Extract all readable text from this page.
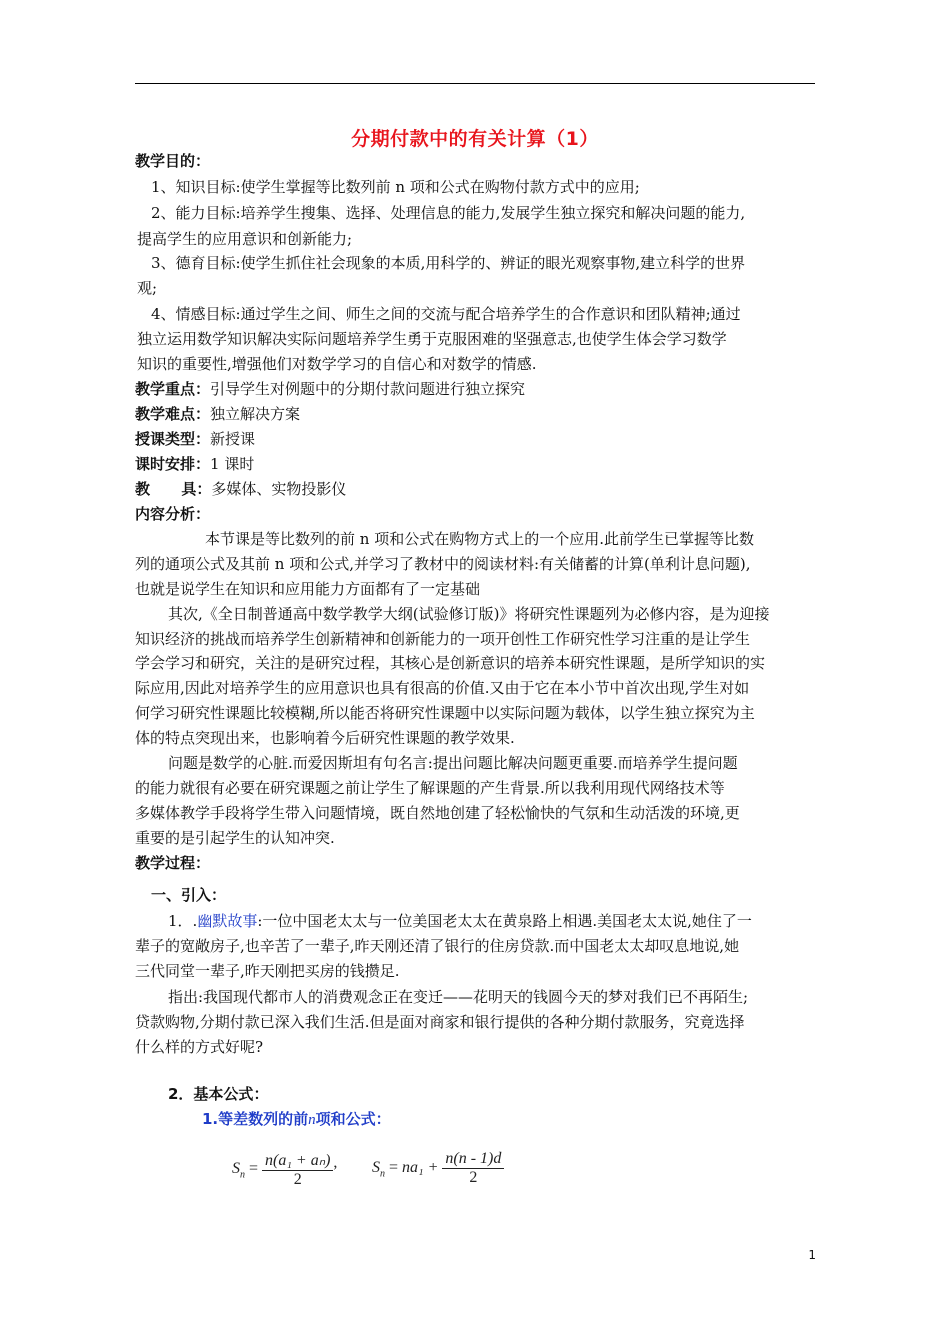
分期付款中的有关计算（1）
教学目的：
1、知识目标:使学生掌握等比数列前 n 项和公式在购物付款方式中的应用;
2、能力目标:培养学生搜集、选择、处理信息的能力,发展学生独立探究和解决问题的能力,
提高学生的应用意识和创新能力;
3、德育目标:使学生抓住社会现象的本质,用科学的、辨证的眼光观察事物,建立科学的世界
观;
4、情感目标:通过学生之间、师生之间的交流与配合培养学生的合作意识和团队精神;通过
独立运用数学知识解决实际问题培养学生勇于克服困难的坚强意志,也使学生体会学习数学
知识的重要性,增强他们对数学学习的自信心和对数学的情感.
教学重点：引导学生对例题中的分期付款问题进行独立探究
教学难点：独立解决方案
授课类型：新授课
课时安排：1 课时
教      具：多媒体、实物投影仪
内容分析：
本节课是等比数列的前 n 项和公式在购物方式上的一个应用.此前学生已掌握等比数
列的通项公式及其前 n 项和公式,并学习了教材中的阅读材料:有关储蓄的计算(单利计息问题),
也就是说学生在知识和应用能力方面都有了一定基础
其次,《全日制普通高中数学教学大纲(试验修订版)》将研究性课题列为必修内容，是为迎接
知识经济的挑战而培养学生创新精神和创新能力的一项开创性工作研究性学习注重的是让学生
学会学习和研究，关注的是研究过程，其核心是创新意识的培养本研究性课题，是所学知识的实
际应用,因此对培养学生的应用意识也具有很高的价值.又由于它在本小节中首次出现,学生对如
何学习研究性课题比较模糊,所以能否将研究性课题中以实际问题为载体，以学生独立探究为主
体的特点突现出来，也影响着今后研究性课题的教学效果.
问题是数学的心脏.而爱因斯坦有句名言:提出问题比解决问题更重要.而培养学生提问题
的能力就很有必要在研究课题之前让学生了解课题的产生背景.所以我利用现代网络技术等
多媒体教学手段将学生带入问题情境，既自然地创建了轻松愉快的气氛和生动活泼的环境,更
重要的是引起学生的认知冲突.
教学过程：
一、引入：
1．.幽默故事:一位中国老太太与一位美国老太太在黄泉路上相遇.美国老太太说,她住了一
辈子的宽敞房子,也辛苦了一辈子,昨天刚还清了银行的住房贷款.而中国老太太却叹息地说,她
三代同堂一辈子,昨天刚把买房的钱攒足.
指出:我国现代都市人的消费观念正在变迁——花明天的钱圆今天的梦对我们已不再陌生;
贷款购物,分期付款已深入我们生活.但是面对商家和银行提供的各种分期付款服务，究竟选择
什么样的方式好呢?
2．基本公式：
1.等差数列的前n项和公式：
$S_n = \frac{\text{n(a₁ + aₙ)}}{2}$ , $S_n = na_1 + \frac{n(n - 1)d}{2}$
1
